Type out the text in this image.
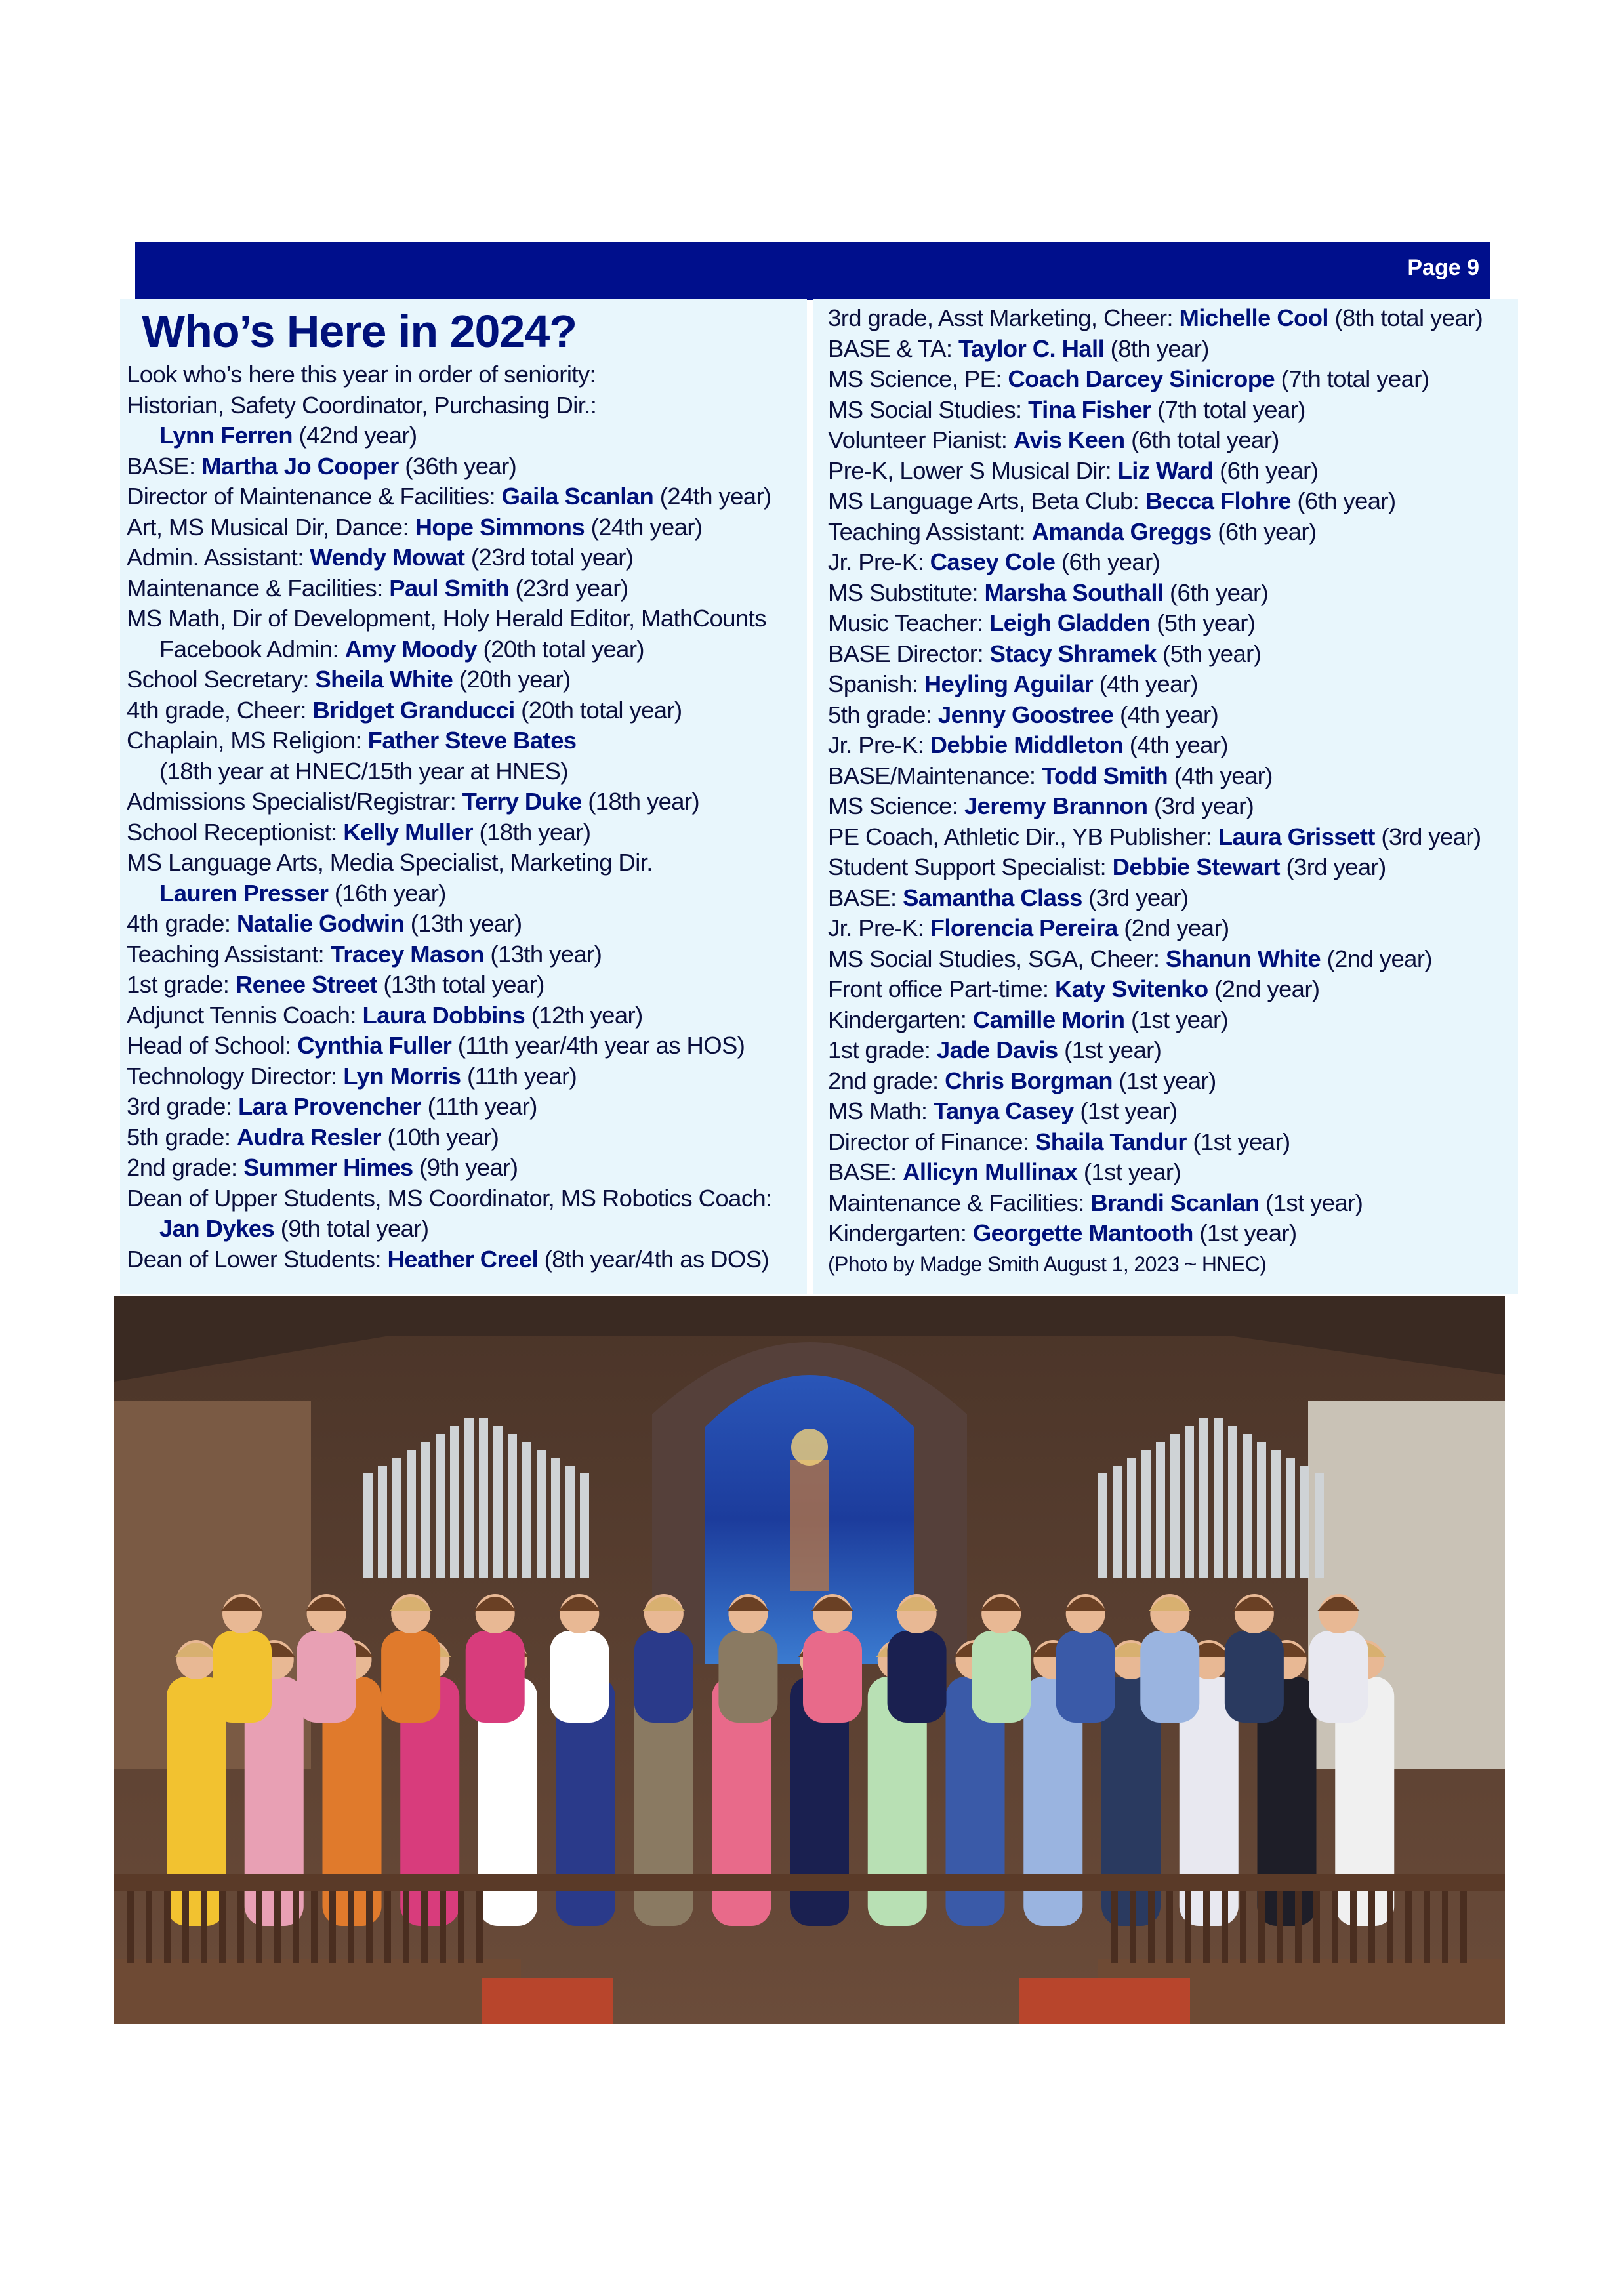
Page 9
Who’s Here in 2024?
Look who’s here this year in order of seniority:
Historian, Safety Coordinator, Purchasing Dir.:
Lynn Ferren (42nd year)
BASE: Martha Jo Cooper (36th year)
Director of Maintenance & Facilities: Gaila Scanlan (24th year)
Art, MS Musical Dir, Dance: Hope Simmons (24th year)
Admin. Assistant: Wendy Mowat (23rd total year)
Maintenance & Facilities: Paul Smith (23rd year)
MS Math, Dir of Development, Holy Herald Editor, MathCounts
Facebook Admin: Amy Moody (20th total year)
School Secretary: Sheila White (20th year)
4th grade, Cheer: Bridget Granducci (20th total year)
Chaplain, MS Religion: Father Steve Bates
(18th year at HNEC/15th year at HNES)
Admissions Specialist/Registrar: Terry Duke (18th year)
School Receptionist: Kelly Muller (18th year)
MS Language Arts, Media Specialist, Marketing Dir.
Lauren Presser (16th year)
4th grade: Natalie Godwin (13th year)
Teaching Assistant: Tracey Mason (13th year)
1st grade: Renee Street (13th total year)
Adjunct Tennis Coach: Laura Dobbins (12th year)
Head of School: Cynthia Fuller (11th year/4th year as HOS)
Technology Director: Lyn Morris (11th year)
3rd grade: Lara Provencher (11th year)
5th grade: Audra Resler (10th year)
2nd grade: Summer Himes (9th year)
Dean of Upper Students, MS Coordinator, MS Robotics Coach:
Jan Dykes (9th total year)
Dean of Lower Students: Heather Creel (8th year/4th as DOS)
3rd grade, Asst Marketing, Cheer: Michelle Cool (8th total year)
BASE & TA: Taylor C. Hall (8th year)
MS Science, PE: Coach Darcey Sinicrope (7th total year)
MS Social Studies: Tina Fisher (7th total year)
Volunteer Pianist: Avis Keen (6th total year)
Pre-K, Lower S Musical Dir: Liz Ward (6th year)
MS Language Arts, Beta Club: Becca Flohre (6th year)
Teaching Assistant: Amanda Greggs (6th year)
Jr. Pre-K: Casey Cole (6th year)
MS Substitute: Marsha Southall (6th year)
Music Teacher: Leigh Gladden (5th year)
BASE Director: Stacy Shramek (5th year)
Spanish: Heyling Aguilar (4th year)
5th grade: Jenny Goostree (4th year)
Jr. Pre-K: Debbie Middleton (4th year)
BASE/Maintenance: Todd Smith (4th year)
MS Science: Jeremy Brannon (3rd year)
PE Coach, Athletic Dir., YB Publisher: Laura Grissett (3rd year)
Student Support Specialist: Debbie Stewart (3rd year)
BASE: Samantha Class (3rd year)
Jr. Pre-K: Florencia Pereira (2nd year)
MS Social Studies, SGA, Cheer: Shanun White (2nd year)
Front office Part-time: Katy Svitenko (2nd year)
Kindergarten: Camille Morin (1st year)
1st grade: Jade Davis (1st year)
2nd grade: Chris Borgman (1st year)
MS Math: Tanya Casey (1st year)
Director of Finance: Shaila Tandur (1st year)
BASE: Allicyn Mullinax (1st year)
Maintenance & Facilities: Brandi Scanlan (1st year)
Kindergarten: Georgette Mantooth (1st year)
(Photo by Madge Smith August 1, 2023 ~ HNEC)
